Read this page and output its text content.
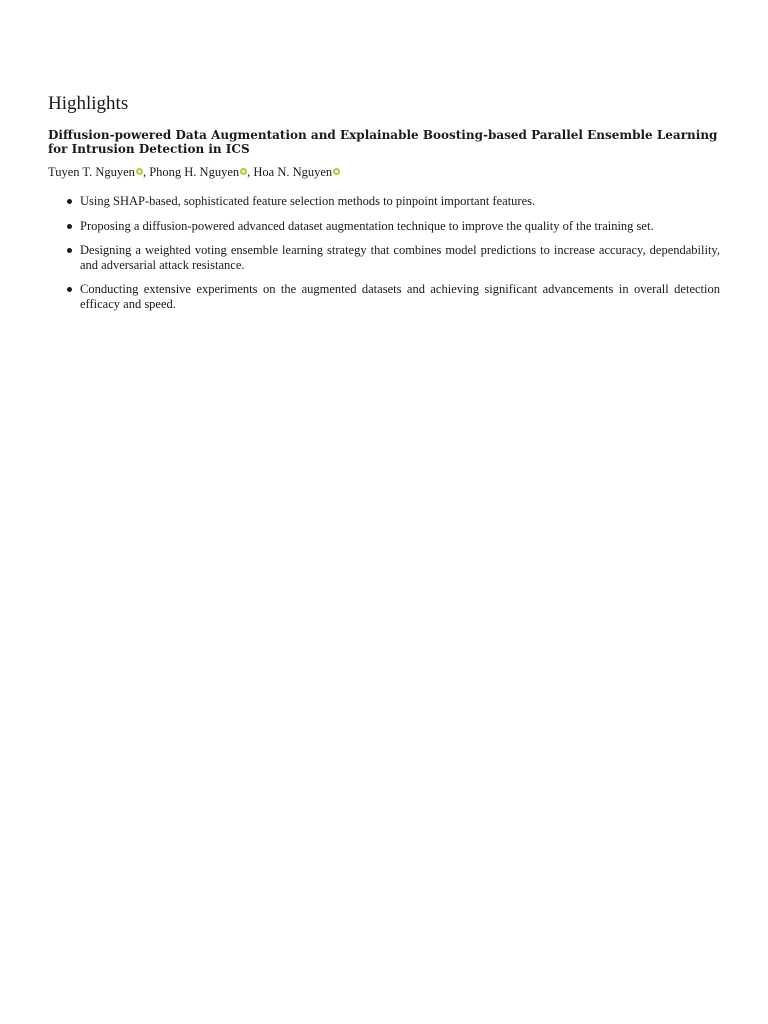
Highlights
Diffusion-powered Data Augmentation and Explainable Boosting-based Parallel Ensemble Learning for Intrusion Detection in ICS
Tuyen T. Nguyen , Phong H. Nguyen , Hoa N. Nguyen
Using SHAP-based, sophisticated feature selection methods to pinpoint important features.
Proposing a diffusion-powered advanced dataset augmentation technique to improve the quality of the training set.
Designing a weighted voting ensemble learning strategy that combines model predictions to increase accuracy, dependability, and adversarial attack resistance.
Conducting extensive experiments on the augmented datasets and achieving significant advancements in overall detection efficacy and speed.
